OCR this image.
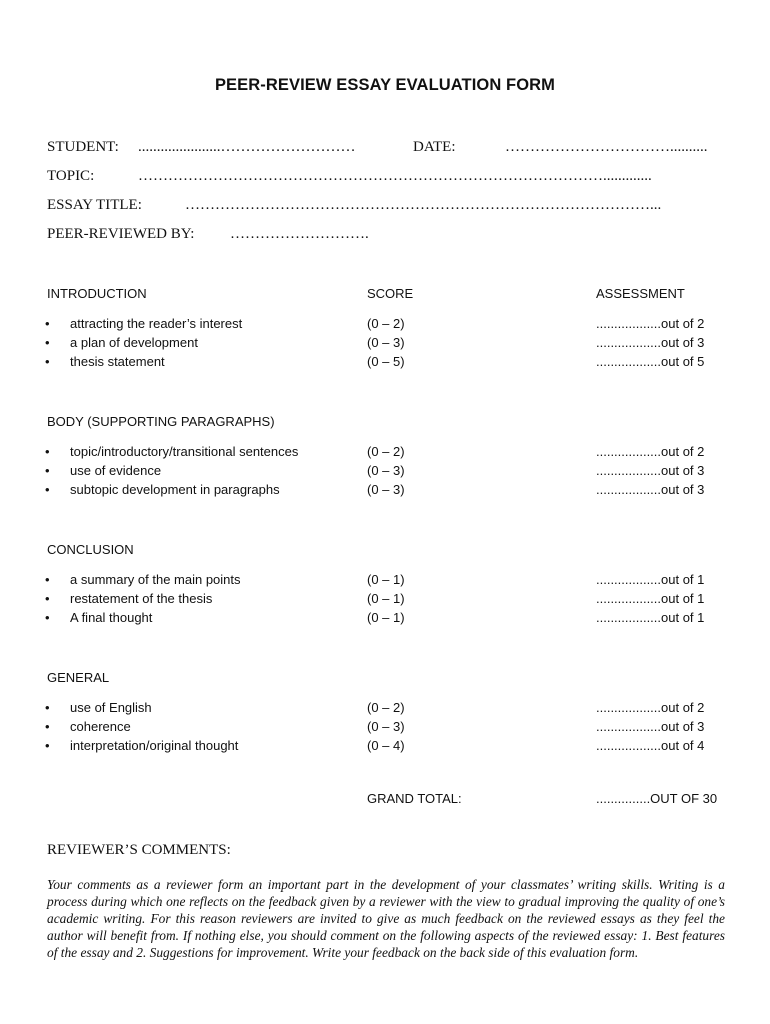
PEER-REVIEW ESSAY EVALUATION FORM
STUDENT: ......................………………………	DATE:	……………………………..........
TOPIC:	………………………………………………………………………………….............
ESSAY TITLE:	…………………………………………………………………………………...
PEER-REVIEWED BY: ……………………….
INTRODUCTION	SCORE	ASSESSMENT
• attracting the reader’s interest	(0 – 2)	..................out of 2
• a plan of development	(0 – 3)	..................out of 3
• thesis statement	(0 – 5)	..................out of 5
BODY (SUPPORTING PARAGRAPHS)
• topic/introductory/transitional sentences	(0 – 2)	..................out of 2
• use of evidence	(0 – 3)	..................out of 3
• subtopic development in paragraphs	(0 – 3)	..................out of 3
CONCLUSION
• a summary of the main points	(0 – 1)	..................out of 1
• restatement of the thesis	(0 – 1)	..................out of 1
• A final thought	(0 – 1)	..................out of 1
GENERAL
• use of English	(0 – 2)	..................out of 2
• coherence	(0 – 3)	..................out of 3
• interpretation/original thought	(0 – 4)	..................out of 4
GRAND TOTAL:	...............OUT OF 30
REVIEWER’S COMMENTS:
Your comments as a reviewer form an important part in the development of your classmates’ writing skills. Writing is a process during which one reflects on the feedback given by a reviewer with the view to gradual improving the quality of one’s academic writing. For this reason reviewers are invited to give as much feedback on the reviewed essays as they feel the author will benefit from. If nothing else, you should comment on the following aspects of the reviewed essay: 1. Best features of the essay and 2. Suggestions for improvement. Write your feedback on the back side of this evaluation form.
